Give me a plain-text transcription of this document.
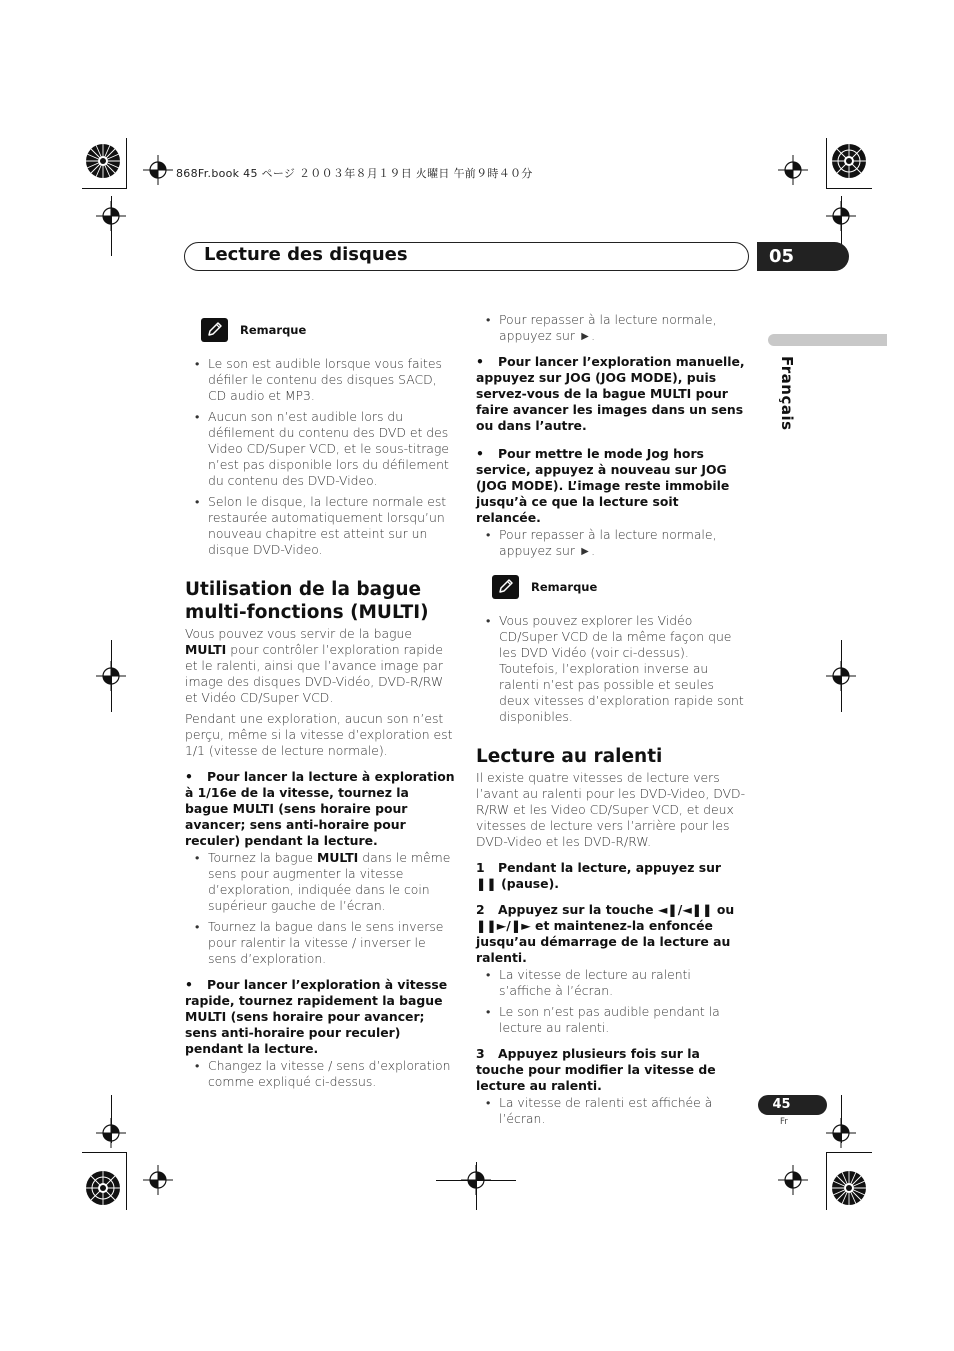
868Fr.book 45 ページ ２００３年８月１９日 火曜日 午前９時４０分
Lecture des disques	05
Français
Remarque
• Le son est audible lorsque vous faites défiler le contenu des disques SACD, CD audio et MP3.
• Aucun son n’est audible lors du défilement du contenu des DVD et des Video CD/Super VCD, et le sous-titrage n’est pas disponible lors du défilement du contenu des DVD-Video.
• Selon le disque, la lecture normale est restaurée automatiquement lorsqu’un nouveau chapitre est atteint sur un disque DVD-Video.
Utilisation de la bague multi-fonctions (MULTI)
Vous pouvez vous servir de la bague MULTI pour contrôler l’exploration rapide et le ralenti, ainsi que l’avance image par image des disques DVD-Vidéo, DVD-R/RW et Vidéo CD/Super VCD.
Pendant une exploration, aucun son n’est perçu, même si la vitesse d’exploration est 1/1 (vitesse de lecture normale).
• Pour lancer la lecture à exploration à 1/16e de la vitesse, tournez la bague MULTI (sens horaire pour avancer; sens anti-horaire pour reculer) pendant la lecture.
• Tournez la bague MULTI dans le même sens pour augmenter la vitesse d’exploration, indiquée dans le coin supérieur gauche de l’écran.
• Tournez la bague dans le sens inverse pour ralentir la vitesse / inverser le sens d’exploration.
• Pour lancer l’exploration à vitesse rapide, tournez rapidement la bague MULTI (sens horaire pour avancer; sens anti-horaire pour reculer) pendant la lecture.
• Changez la vitesse / sens d’exploration comme expliqué ci-dessus.
• Pour repasser à la lecture normale, appuyez sur ►.
• Pour lancer l’exploration manuelle, appuyez sur JOG (JOG MODE), puis servez-vous de la bague MULTI pour faire avancer les images dans un sens ou dans l’autre.
• Pour mettre le mode Jog hors service, appuyez à nouveau sur JOG (JOG MODE). L’image reste immobile jusqu’à ce que la lecture soit relancée.
• Pour repasser à la lecture normale, appuyez sur ►.
Remarque
• Vous pouvez explorer les Vidéo CD/Super VCD de la même façon que les DVD Vidéo (voir ci-dessus). Toutefois, l’exploration inverse au ralenti n’est pas possible et seules deux vitesses d’exploration rapide sont disponibles.
Lecture au ralenti
Il existe quatre vitesses de lecture vers l’avant au ralenti pour les DVD-Video, DVD-R/RW et les Video CD/Super VCD, et deux vitesses de lecture vers l’arrière pour les DVD-Video et les DVD-R/RW.
1 Pendant la lecture, appuyez sur ❚❚ (pause).
2 Appuyez sur la touche ◄❚/◄❚❚ ou ❚❚►/❚► et maintenez-la enfoncée jusqu’au démarrage de la lecture au ralenti.
• La vitesse de lecture au ralenti s’affiche à l’écran.
• Le son n’est pas audible pendant la lecture au ralenti.
3 Appuyez plusieurs fois sur la touche pour modifier la vitesse de lecture au ralenti.
• La vitesse de ralenti est affichée à l’écran.
45
Fr
